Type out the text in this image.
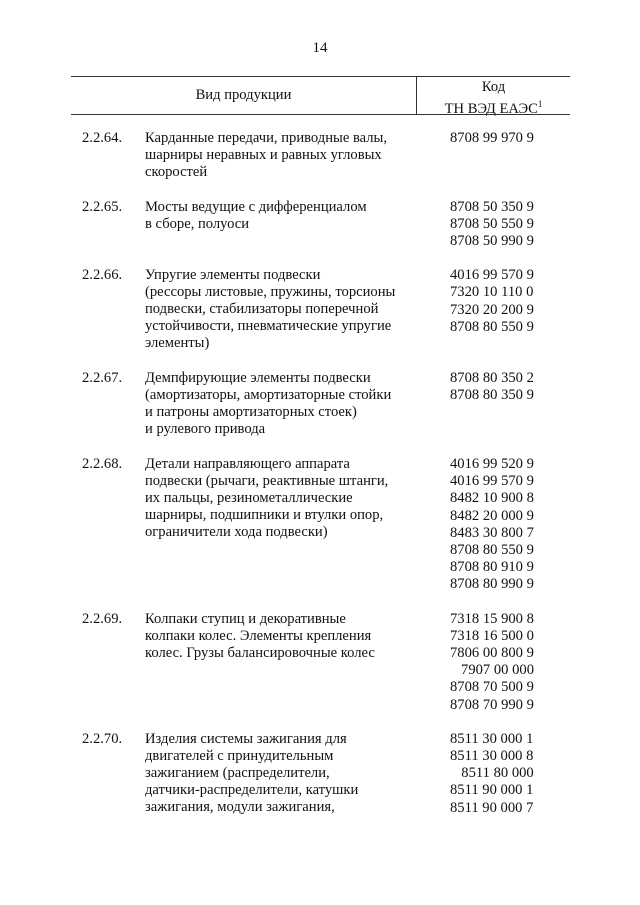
14
Вид продукции	Код
ТН ВЭД ЕАЭС$^1$
2.2.64. Карданные передачи, приводные валы,
шарниры неравных и равных угловых
скоростей
8708 99 970 9
2.2.65. Мосты ведущие с дифференциалом
в сборе, полуоси
8708 50 350 9
8708 50 550 9
8708 50 990 9
2.2.66. Упругие элементы подвески
(рессоры листовые, пружины, торсионы
подвески, стабилизаторы поперечной
устойчивости, пневматические упругие
элементы)
4016 99 570 9
7320 10 110 0
7320 20 200 9
8708 80 550 9
2.2.67. Демпфирующие элементы подвески
(амортизаторы, амортизаторные стойки
и патроны амортизаторных стоек)
и рулевого привода
8708 80 350 2
8708 80 350 9
2.2.68. Детали направляющего аппарата
подвески (рычаги, реактивные штанги,
их пальцы, резинометаллические
шарниры, подшипники и втулки опор,
ограничители хода подвески)
4016 99 520 9
4016 99 570 9
8482 10 900 8
8482 20 000 9
8483 30 800 7
8708 80 550 9
8708 80 910 9
8708 80 990 9
2.2.69. Колпаки ступиц и декоративные
колпаки колес. Элементы крепления
колес. Грузы балансировочные колес
7318 15 900 8
7318 16 500 0
7806 00 800 9
7907 00 000
8708 70 500 9
8708 70 990 9
2.2.70. Изделия системы зажигания для
двигателей с принудительным
зажиганием (распределители,
датчики-распределители, катушки
зажигания, модули зажигания,
8511 30 000 1
8511 30 000 8
8511 80 000
8511 90 000 1
8511 90 000 7
